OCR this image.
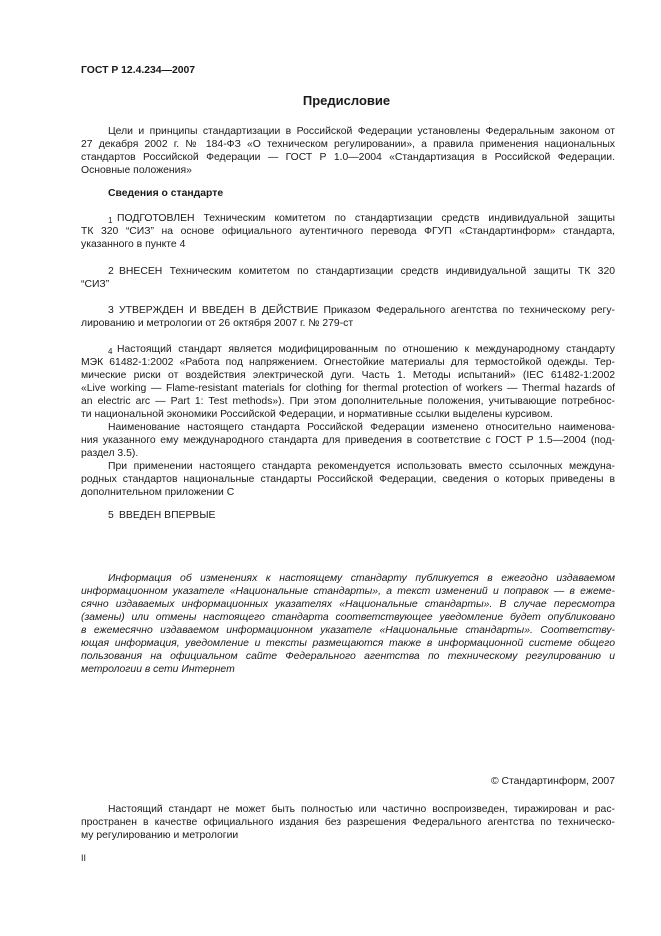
ГОСТ Р 12.4.234—2007
Предисловие
Цели и принципы стандартизации в Российской Федерации установлены Федеральным законом от
27 декабря 2002 г. № 184-ФЗ «О техническом регулировании», а правила применения национальных
стандартов Российской Федерации — ГОСТ Р 1.0—2004 «Стандартизация в Российской Федерации.
Основные положения»
Сведения о стандарте
1 ПОДГОТОВЛЕН Техническим комитетом по стандартизации средств индивидуальной защиты
ТК 320 “СИЗ” на основе официального аутентичного перевода ФГУП «Стандартинформ» стандарта,
указанного в пункте 4
2 ВНЕСЕН Техническим комитетом по стандартизации средств индивидуальной защиты ТК 320
“СИЗ”
3 УТВЕРЖДЕН И ВВЕДЕН В ДЕЙСТВИЕ Приказом Федерального агентства по техническому регу-
лированию и метрологии от 26 октября 2007 г. № 279-ст
4 Настоящий стандарт является модифицированным по отношению к международному стандарту
МЭК 61482-1:2002 «Работа под напряжением. Огнестойкие материалы для термостойкой одежды. Тер-
мические риски от воздействия электрической дуги. Часть 1. Методы испытаний» (IEC 61482-1:2002
«Live working — Flame-resistant materials for clothing for thermal protection of workers — Thermal hazards of
an electric arc — Part 1: Test methods»). При этом дополнительные положения, учитывающие потребнос-
ти национальной экономики Российской Федерации, и нормативные ссылки выделены курсивом.
Наименование настоящего стандарта Российской Федерации изменено относительно наименова-
ния указанного ему международного стандарта для приведения в соответствие с ГОСТ Р 1.5—2004 (под-
раздел 3.5).
При применении настоящего стандарта рекомендуется использовать вместо ссылочных междуна-
родных стандартов национальные стандарты Российской Федерации, сведения о которых приведены в
дополнительном приложении С
5 ВВЕДЕН ВПЕРВЫЕ
Информация об изменениях к настоящему стандарту публикуется в ежегодно издаваемом
информационном указателе «Национальные стандарты», а текст изменений и поправок — в ежеме-
сячно издаваемых информационных указателях «Национальные стандарты». В случае пересмотра
(замены) или отмены настоящего стандарта соответствующее уведомление будет опубликовано
в ежемесячно издаваемом информационном указателе «Национальные стандарты». Соответству-
ющая информация, уведомление и тексты размещаются также в информационной системе общего
пользования на официальном сайте Федерального агентства по техническому регулированию и
метрологии в сети Интернет
© Стандартинформ, 2007
Настоящий стандарт не может быть полностью или частично воспроизведен, тиражирован и рас-
пространен в качестве официального издания без разрешения Федерального агентства по техническо-
му регулированию и метрологии
II
